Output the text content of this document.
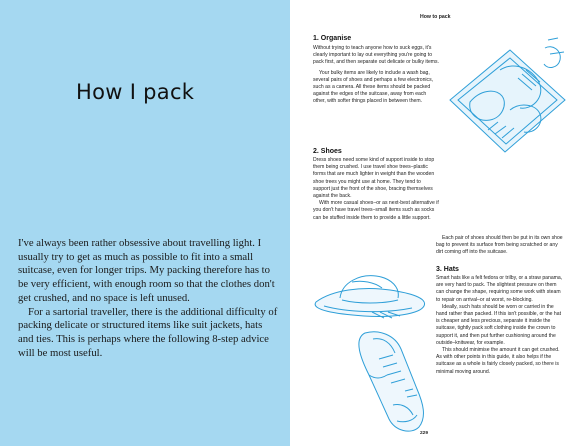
How I pack

I've always been rather obsessive about travelling light. I usually try to get as much as possible to fit into a small suitcase, even for longer trips. My packing therefore has to be very efficient, with enough room so that the clothes don't get crushed, and no space is left unused.

For a sartorial traveller, there is the additional difficulty of packing delicate or structured items like suit jackets, hats and ties. This is perhaps where the following 8-step advice will be most useful.

How to pack
1. Organise

Without trying to teach anyone how to suck eggs, it's clearly important to lay out everything you're going to pack first, and then separate out delicate or bulky items.

Your bulky items are likely to include a wash bag, several pairs of shoes and perhaps a few electronics, such as a camera. All these items should be packed against the edges of the suitcase, away from each other, with softer things placed in between them.

2. Shoes

Dress shoes need some kind of support inside to stop them being crushed. I use travel shoe trees–plastic forms that are much lighter in weight than the wooden shoe trees you might use at home. They tend to support just the front of the shoe, bracing themselves against the back.

With more casual shoes–or as next-best alternative if you don't have travel trees–small items such as socks can be stuffed inside them to provide a little support.

Each pair of shoes should then be put in its own shoe bag to prevent its surface from being scratched or any dirt coming off into the suitcase.

3. Hats

Smart hats like a felt fedora or trilby, or a straw panama, are very hard to pack. The slightest pressure on them can change the shape, requiring some work with steam to repair on arrival–or at worst, re-blocking.

Ideally, such hats should be worn or carried in the hand rather than packed. If this isn't possible, or the hat is cheaper and less precious, separate it inside the suitcase, tightly pack soft clothing inside the crown to support it, and then put further cushioning around the outside–knitwear, for example.

This should minimise the amount it can get crushed. As with other points in this guide, it also helps if the suitcase as a whole is fairly closely packed, so there is minimal moving around.

229
